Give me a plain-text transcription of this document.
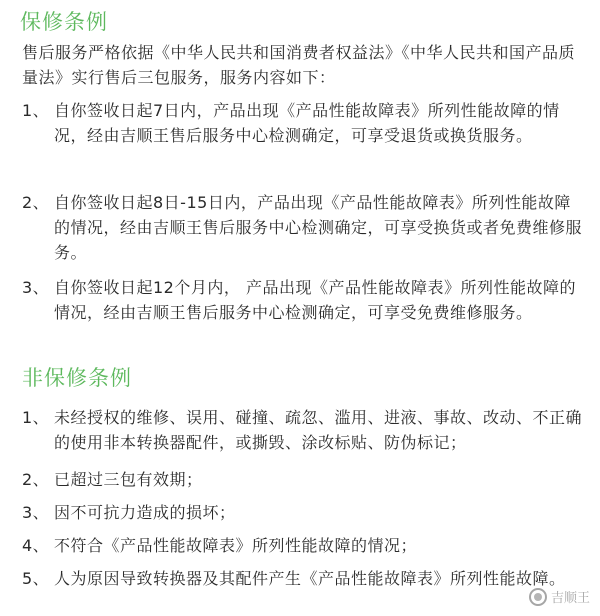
保修条例

售后服务严格依据《中华人民共和国消费者权益法》《中华人民共和国产品质量法》实行售后三包服务，服务内容如下：

1、 自你签收日起7日内，产品出现《产品性能故障表》所列性能故障的情况，经由吉顺王售后服务中心检测确定，可享受退货或换货服务。
2、 自你签收日起8日-15日内，产品出现《产品性能故障表》所列性能故障的情况，经由吉顺王售后服务中心检测确定，可享受换货或者免费维修服务。
3、 自你签收日起12个月内， 产品出现《产品性能故障表》所列性能故障的情况，经由吉顺王售后服务中心检测确定，可享受免费维修服务。
非保修条例
1、 未经授权的维修、误用、碰撞、疏忽、滥用、进液、事故、改动、不正确的使用非本转换器配件，或撕毁、涂改标贴、防伪标记；
2、 已超过三包有效期；
3、 因不可抗力造成的损坏；
4、 不符合《产品性能故障表》所列性能故障的情况；
5、 人为原因导致转换器及其配件产生《产品性能故障表》所列性能故障。
吉顺王
